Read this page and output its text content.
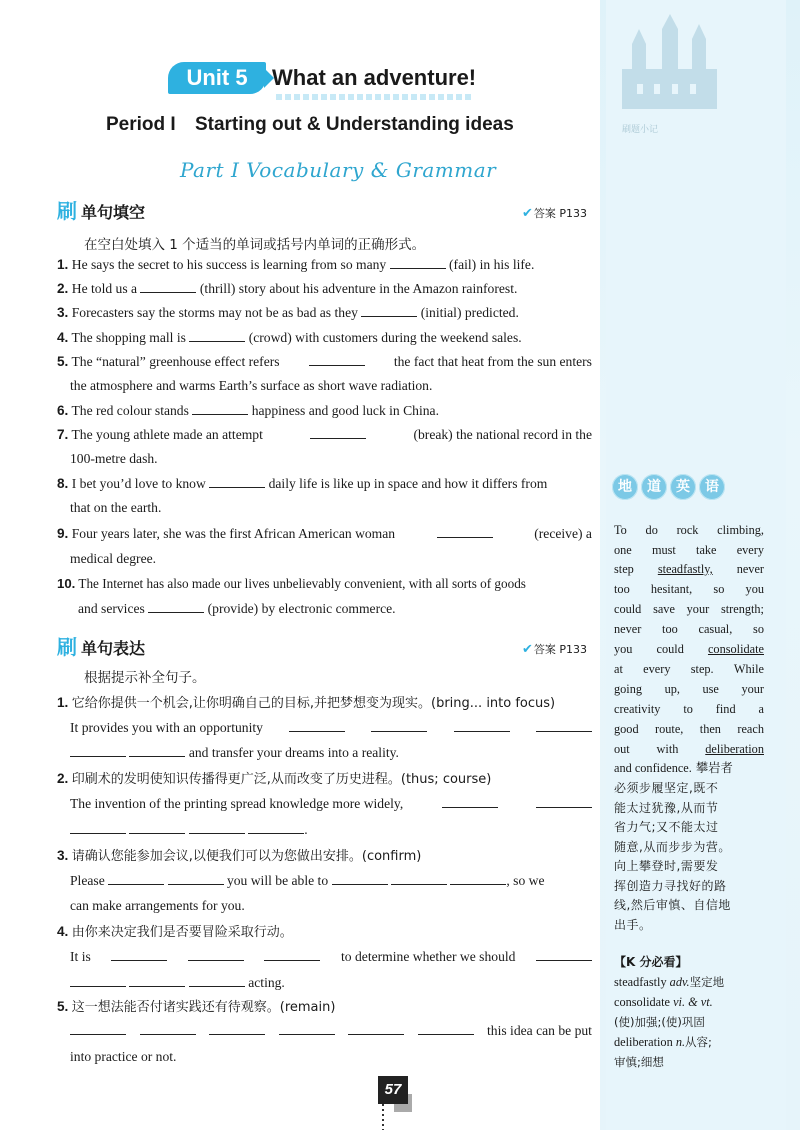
刷题小记
Unit 5	What an adventure!
Period I Starting out & Understanding ideas
Part I Vocabulary & Grammar
刷 单句填空	✔答案 P133
在空白处填入 1 个适当的单词或括号内单词的正确形式。
1. He says the secret to his success is learning from so many	(fail) in his life.
2. He told us a	(thrill) story about his adventure in the Amazon rainforest.
3. Forecasters say the storms may not be as bad as they	(initial) predicted.
4. The shopping mall is	(crowd) with customers during the weekend sales.
5. The “natural” greenhouse effect refers	the fact that heat from the sun enters
the atmosphere and warms Earth’s surface as short wave radiation.
6. The red colour stands	happiness and good luck in China.
7. The young athlete made an attempt	(break) the national record in the
100-metre dash.
8. I bet you’d love to know	daily life is like up in space and how it differs from
that on the earth.
9. Four years later, she was the first African American woman	(receive) a
medical degree.
10. The Internet has also made our lives unbelievably convenient, with all sorts of goods
and services	(provide) by electronic commerce.
刷 单句表达	✔答案 P133
根据提示补全句子。
1. 它给你提供一个机会,让你明确自己的目标,并把梦想变为现实。(bring... into focus)
It provides you with an opportunity
and transfer your dreams into a reality.
2. 印刷术的发明使知识传播得更广泛,从而改变了历史进程。(thus; course)
The invention of the printing spread knowledge more widely,
.
3. 请确认您能参加会议,以便我们可以为您做出安排。(confirm)
Please	you will be able to	, so we
can make arrangements for you.
4. 由你来决定我们是否要冒险采取行动。
It is	to determine whether we should
acting.
5. 这一想法能否付诸实践还有待观察。(remain)
this idea can be put
into practice or not.
57
地	道	英	语
To do rock climbing,
one must take every
step steadfastly, never
too hesitant, so you
could save your strength;
never too casual, so
you could consolidate
at every step. While
going up, use your
creativity to find a
good route, then reach
out with deliberation
and confidence. 攀岩者
必须步履坚定,既不
能太过犹豫,从而节
省力气;又不能太过
随意,从而步步为营。
向上攀登时,需要发
挥创造力寻找好的路
线,然后审慎、自信地
出手。
【K 分必看】
steadfastly adv.坚定地
consolidate vi. & vt.
(使)加强;(使)巩固
deliberation n.从容;
审慎;细想
